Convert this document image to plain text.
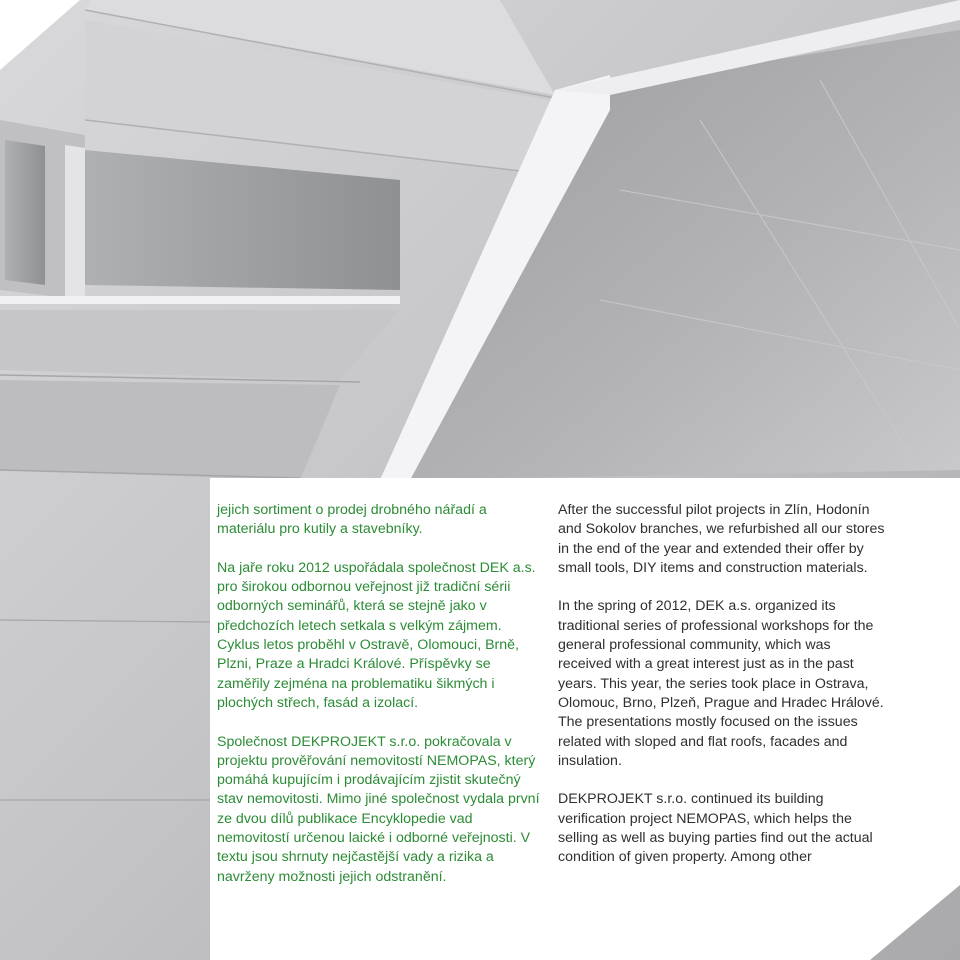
jejich sortiment o prodej drobného nářadí a materiálu pro kutily a stavebníky.

Na jaře roku 2012 uspořádala společnost DEK a.s. pro širokou odbornou veřejnost již tradiční sérii odborných seminářů, která se stejně jako v předchozích letech setkala s velkým zájmem. Cyklus letos proběhl v Ostravě, Olomouci, Brně, Plzni, Praze a Hradci Králové. Příspěvky se zaměřily zejména na problematiku šikmých i plochých střech, fasád a izolací.

Společnost DEKPROJEKT s.r.o. pokračovala v projektu prověřování nemovitostí NEMOPAS, který pomáhá kupujícím i prodávajícím zjistit skutečný stav nemovitosti. Mimo jiné společnost vydala první ze dvou dílů publikace Encyklopedie vad nemovitostí určenou laické i odborné veřejnosti. V textu jsou shrnuty nejčastější vady a rizika a navrženy možnosti jejich odstranění.

After the successful pilot projects in Zlín, Hodonín and Sokolov branches, we refurbished all our stores in the end of the year and extended their offer by small tools, DIY items and construction materials.

In the spring of 2012, DEK a.s. organized its traditional series of professional workshops for the general professional community, which was received with a great interest just as in the past years. This year, the series took place in Ostrava, Olomouc, Brno, Plzeň, Prague and Hradec Hrálové. The presentations mostly focused on the issues related with sloped and flat roofs, facades and insulation.

DEKPROJEKT s.r.o. continued its building verification project NEMOPAS, which helps the selling as well as buying parties find out the actual condition of given property. Among other

17
